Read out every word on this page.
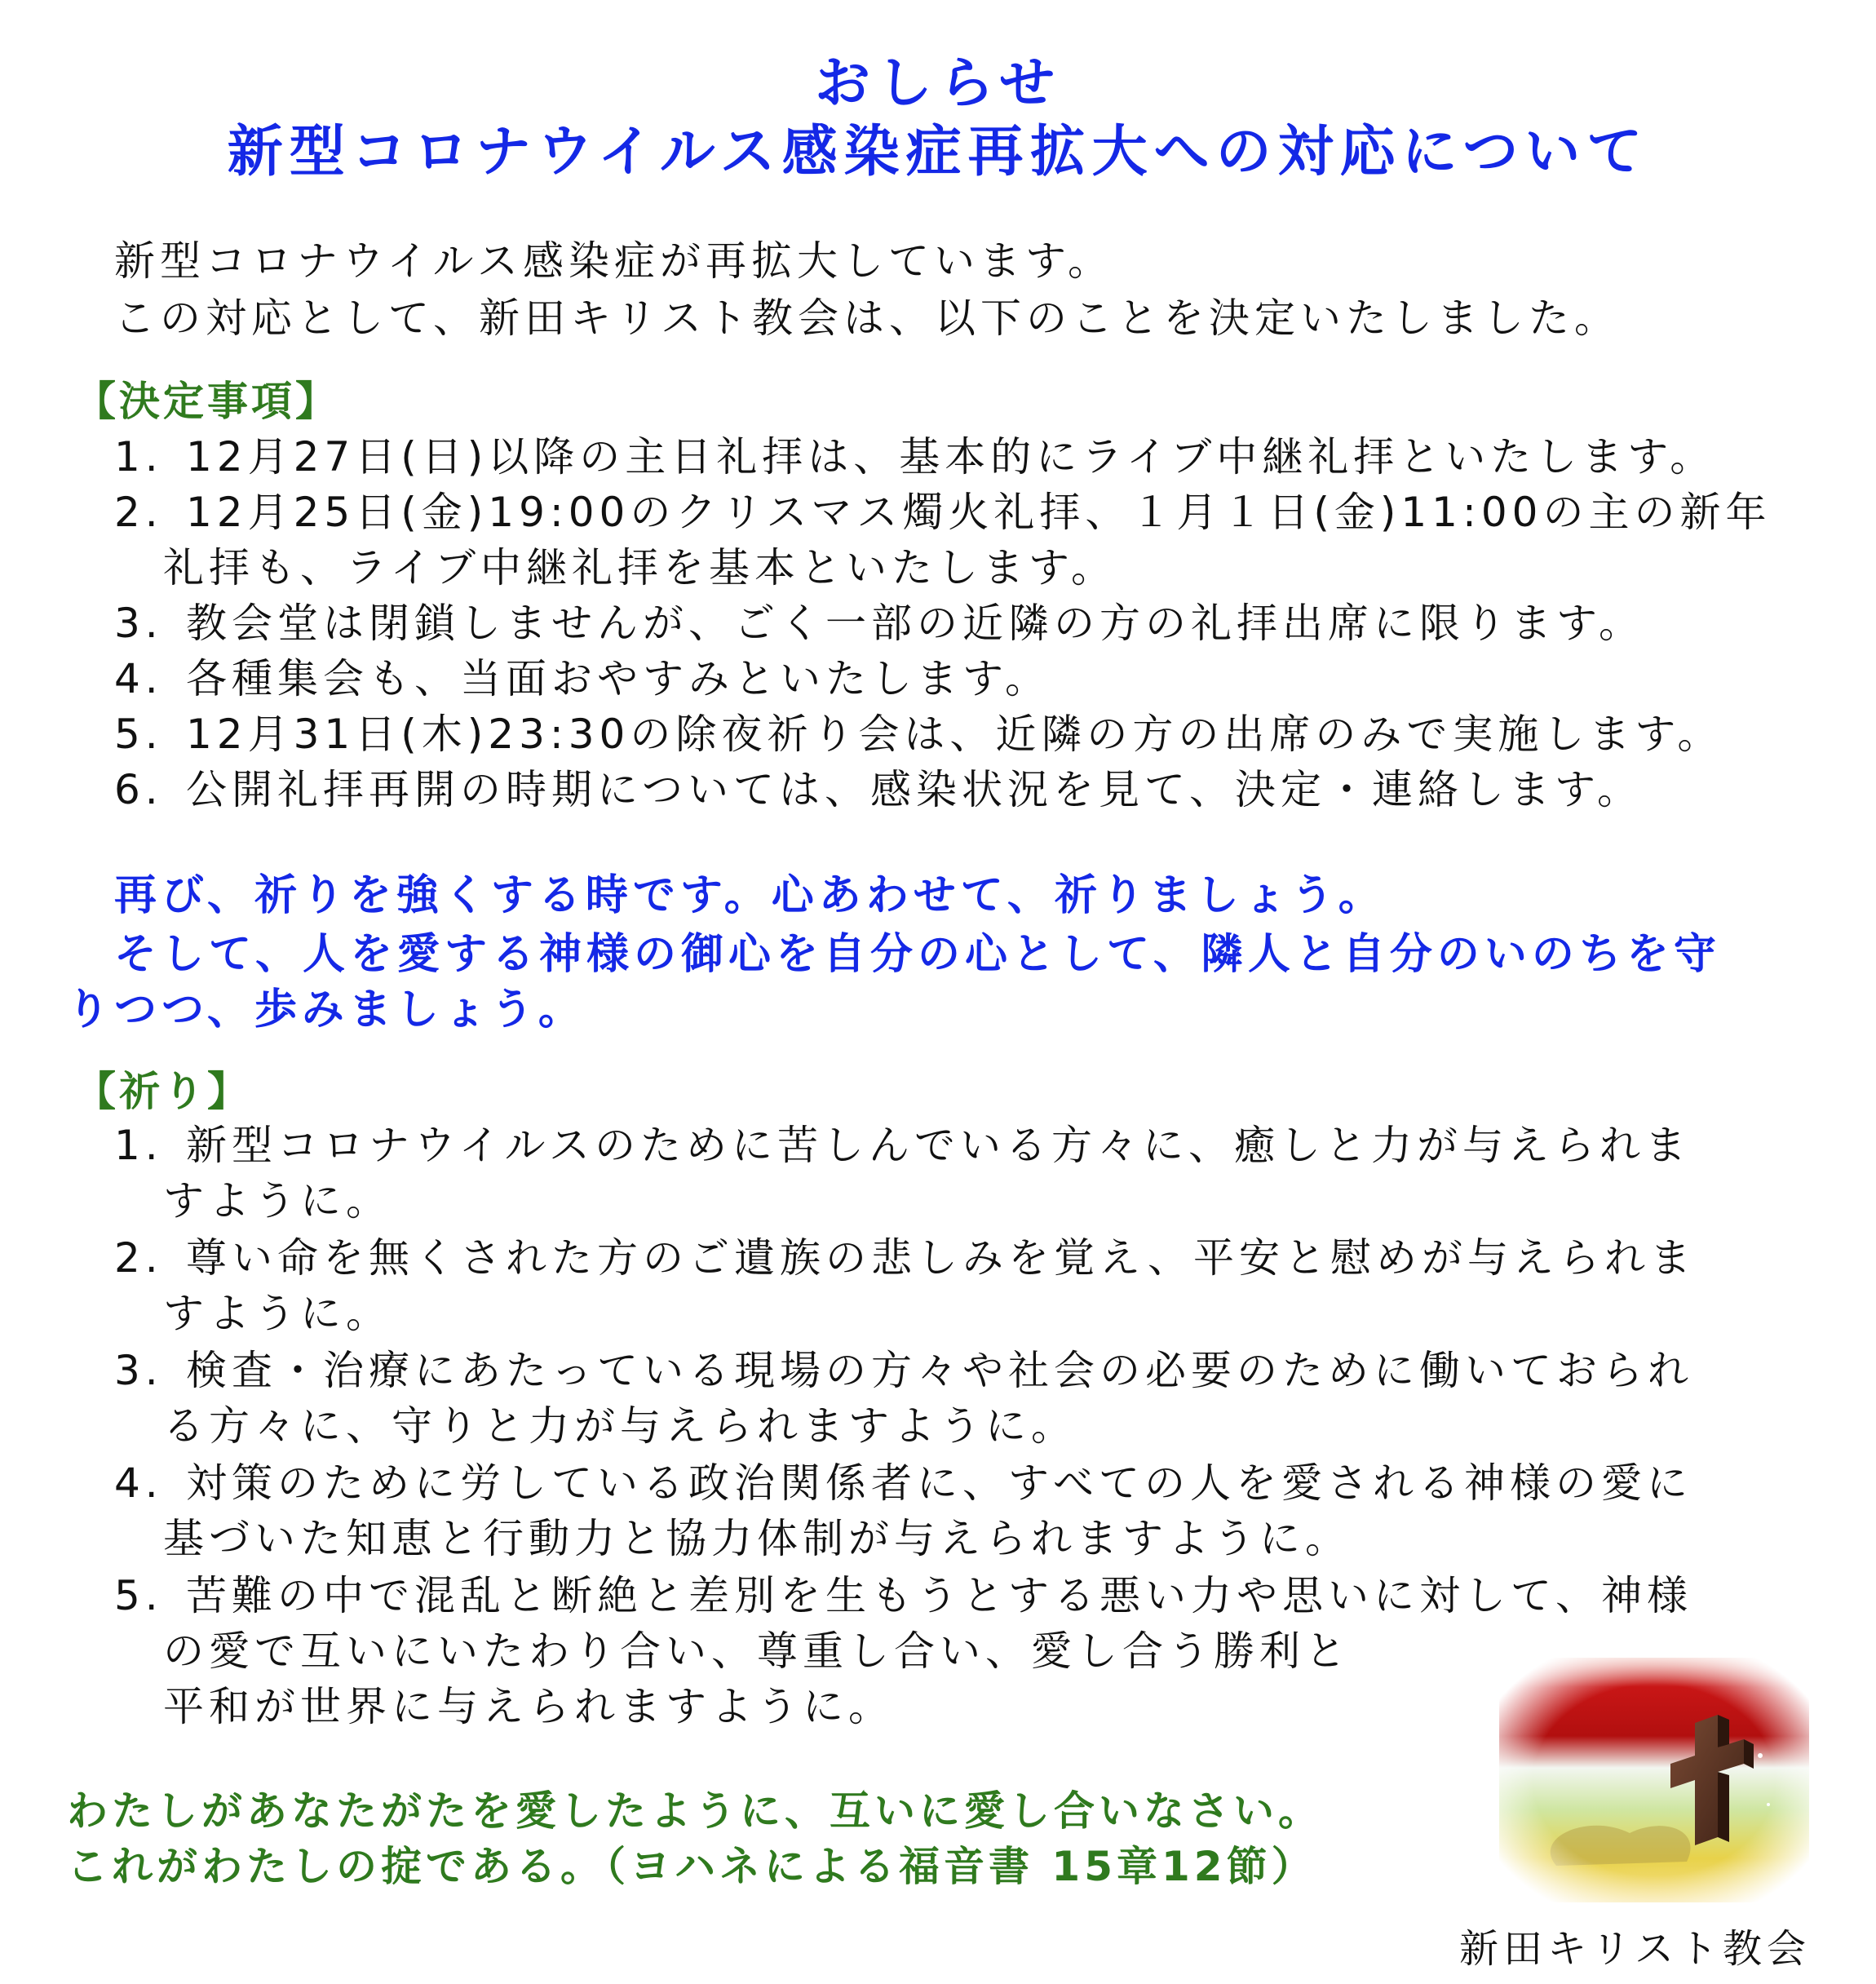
おしらせ
新型コロナウイルス感染症再拡大への対応について
新型コロナウイルス感染症が再拡大しています。
この対応として、新田キリスト教会は、以下のことを決定いたしました。
【決定事項】
1. 12月27日(日)以降の主日礼拝は、基本的にライブ中継礼拝といたします。
2. 12月25日(金)19:00のクリスマス燭火礼拝、１月１日(金)11:00の主の新年
礼拝も、ライブ中継礼拝を基本といたします。
3. 教会堂は閉鎖しませんが、ごく一部の近隣の方の礼拝出席に限ります。
4. 各種集会も、当面おやすみといたします。
5. 12月31日(木)23:30の除夜祈り会は、近隣の方の出席のみで実施します。
6. 公開礼拝再開の時期については、感染状況を見て、決定・連絡します。
再び、祈りを強くする時です。心あわせて、祈りましょう。
そして、人を愛する神様の御心を自分の心として、隣人と自分のいのちを守
りつつ、歩みましょう。
【祈り】
1. 新型コロナウイルスのために苦しんでいる方々に、癒しと力が与えられま
すように。
2. 尊い命を無くされた方のご遺族の悲しみを覚え、平安と慰めが与えられま
すように。
3. 検査・治療にあたっている現場の方々や社会の必要のために働いておられ
る方々に、守りと力が与えられますように。
4. 対策のために労している政治関係者に、すべての人を愛される神様の愛に
基づいた知恵と行動力と協力体制が与えられますように。
5. 苦難の中で混乱と断絶と差別を生もうとする悪い力や思いに対して、神様
の愛で互いにいたわり合い、尊重し合い、愛し合う勝利と
平和が世界に与えられますように。
わたしがあなたがたを愛したように、互いに愛し合いなさい。
これがわたしの掟である。（ヨハネによる福音書 15章12節）
新田キリスト教会
